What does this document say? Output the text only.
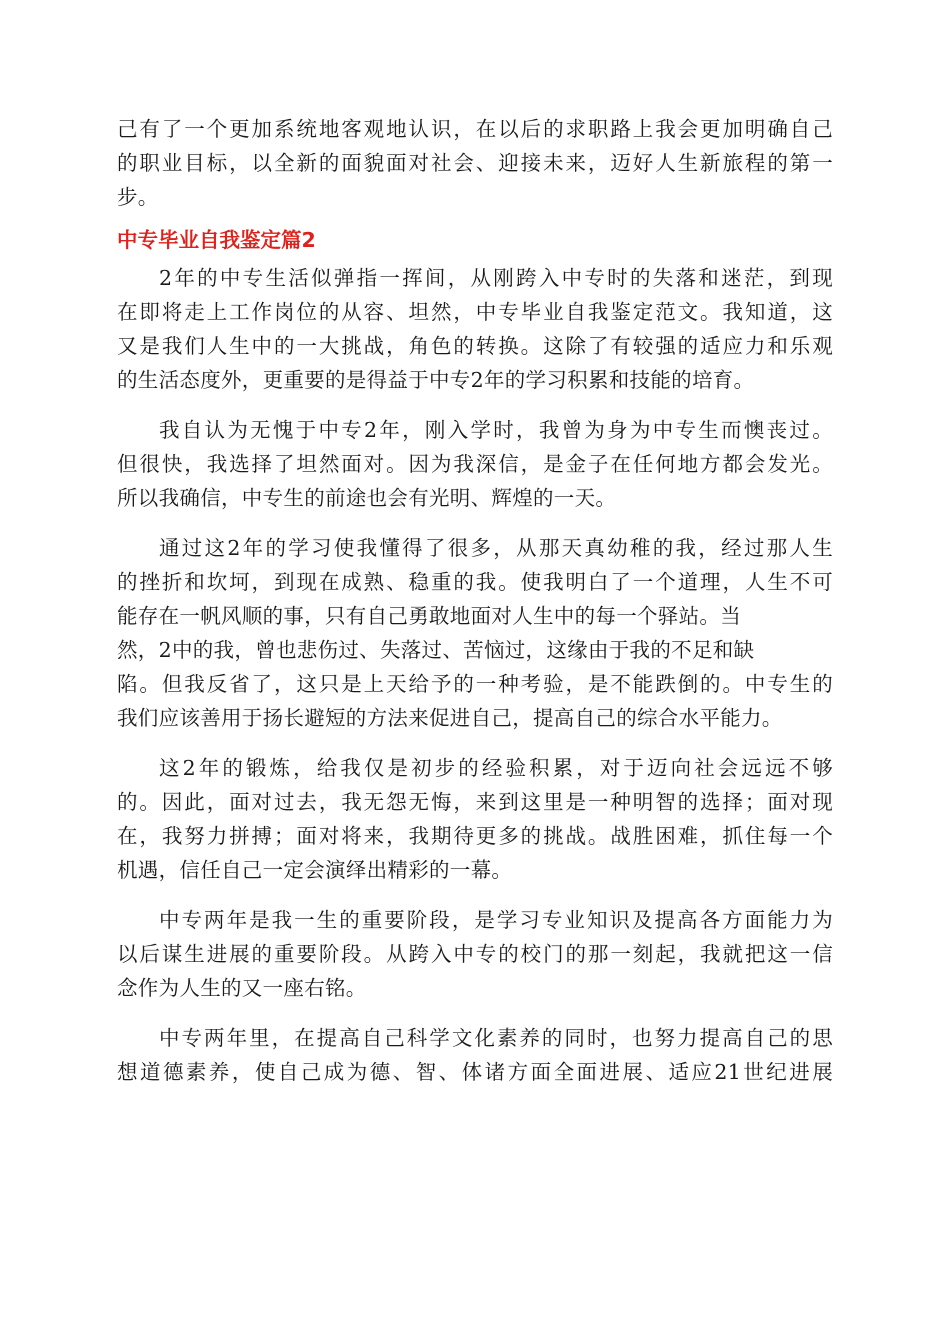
己有了一个更加系统地客观地认识，在以后的求职路上我会更加明确自己
的职业目标，以全新的面貌面对社会、迎接未来，迈好人生新旅程的第一
步。
中专毕业自我鉴定篇2
2年的中专生活似弹指一挥间，从刚跨入中专时的失落和迷茫，到现
在即将走上工作岗位的从容、坦然，中专毕业自我鉴定范文。我知道，这
又是我们人生中的一大挑战，角色的转换。这除了有较强的适应力和乐观
的生活态度外，更重要的是得益于中专2年的学习积累和技能的培育。
我自认为无愧于中专2年，刚入学时，我曾为身为中专生而懊丧过。
但很快，我选择了坦然面对。因为我深信，是金子在任何地方都会发光。
所以我确信，中专生的前途也会有光明、辉煌的一天。
通过这2年的学习使我懂得了很多，从那天真幼稚的我，经过那人生
的挫折和坎坷，到现在成熟、稳重的我。使我明白了一个道理，人生不可
能存在一帆风顺的事，只有自己勇敢地面对人生中的每一个驿站。当
然，2中的我，曾也悲伤过、失落过、苦恼过，这缘由于我的不足和缺
陷。但我反省了，这只是上天给予的一种考验，是不能跌倒的。中专生的
我们应该善用于扬长避短的方法来促进自己，提高自己的综合水平能力。
这2年的锻炼，给我仅是初步的经验积累，对于迈向社会远远不够
的。因此，面对过去，我无怨无悔，来到这里是一种明智的选择；面对现
在，我努力拼搏；面对将来，我期待更多的挑战。战胜困难，抓住每一个
机遇，信任自己一定会演绎出精彩的一幕。
中专两年是我一生的重要阶段，是学习专业知识及提高各方面能力为
以后谋生进展的重要阶段。从跨入中专的校门的那一刻起，我就把这一信
念作为人生的又一座右铭。
中专两年里，在提高自己科学文化素养的同时，也努力提高自己的思
想道德素养，使自己成为德、智、体诸方面全面进展、适应21世纪进展
